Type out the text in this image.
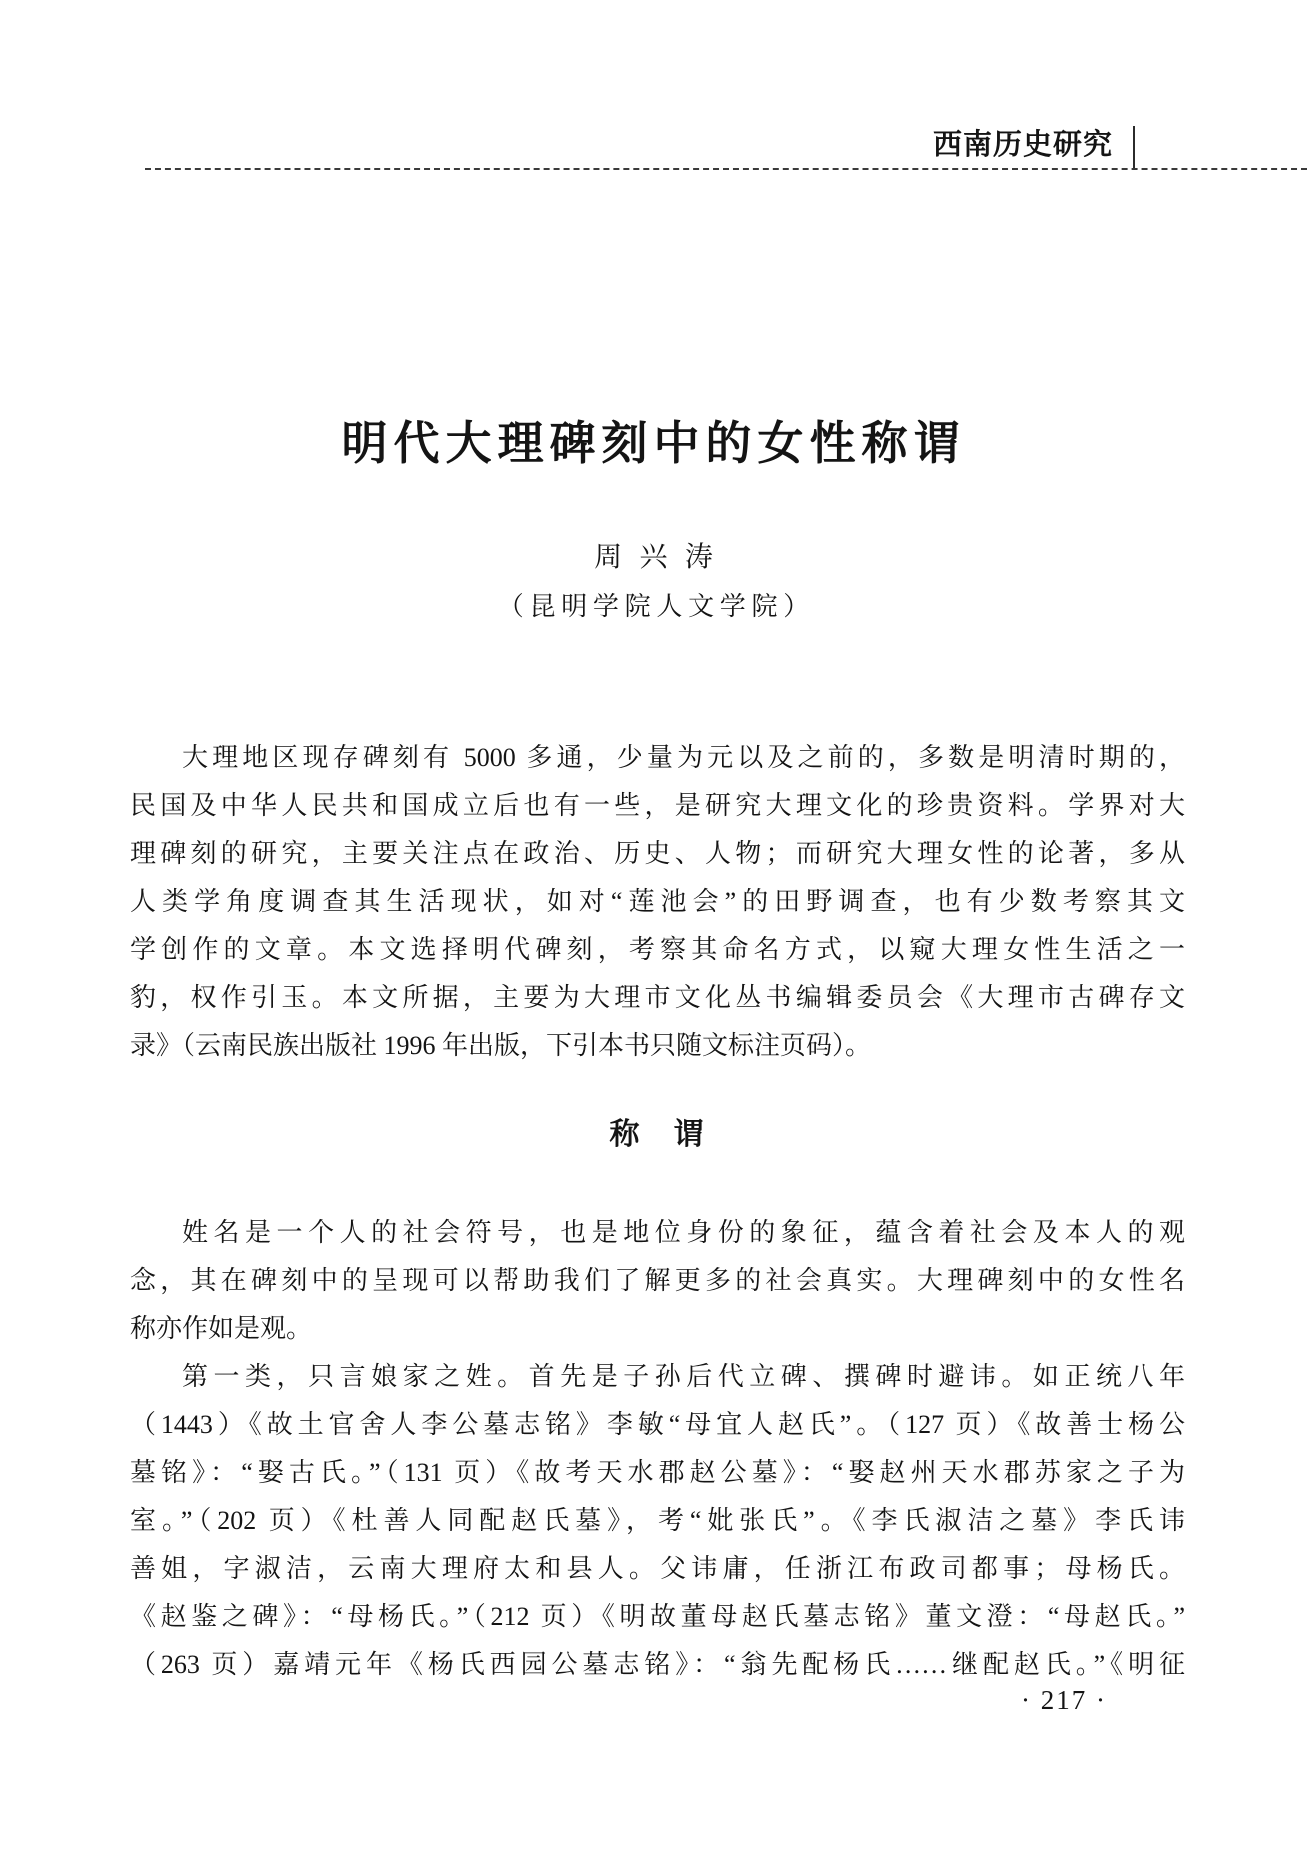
西南历史研究
明代大理碑刻中的女性称谓
周兴涛
（昆明学院人文学院）
大理地区现存碑刻有 5000 多通，少量为元以及之前的，多数是明清时期的，
民国及中华人民共和国成立后也有一些，是研究大理文化的珍贵资料。学界对大
理碑刻的研究，主要关注点在政治、历史、人物；而研究大理女性的论著，多从
人类学角度调查其生活现状，如对“莲池会”的田野调查，也有少数考察其文
学创作的文章。本文选择明代碑刻，考察其命名方式，以窥大理女性生活之一
豹，权作引玉。本文所据，主要为大理市文化丛书编辑委员会《大理市古碑存文
录》（云南民族出版社 1996 年出版，下引本书只随文标注页码）。
称　谓
姓名是一个人的社会符号，也是地位身份的象征，蕴含着社会及本人的观
念，其在碑刻中的呈现可以帮助我们了解更多的社会真实。大理碑刻中的女性名
称亦作如是观。
第一类，只言娘家之姓。首先是子孙后代立碑、撰碑时避讳。如正统八年
（1443）《故土官舍人李公墓志铭》李敏“母宜人赵氏”。（127 页）《故善士杨公
墓铭》：“娶古氏。”（131 页）《故考天水郡赵公墓》：“娶赵州天水郡苏家之子为
室。”（202 页）《杜善人同配赵氏墓》，考“妣张氏”。《李氏淑洁之墓》李氏讳
善姐，字淑洁，云南大理府太和县人。父讳庸，任浙江布政司都事；母杨氏。
《赵鉴之碑》：“母杨氏。”（212 页）《明故董母赵氏墓志铭》董文澄：“母赵氏。”
（263 页）嘉靖元年《杨氏西园公墓志铭》：“翁先配杨氏……继配赵氏。”《明征
· 217 ·
